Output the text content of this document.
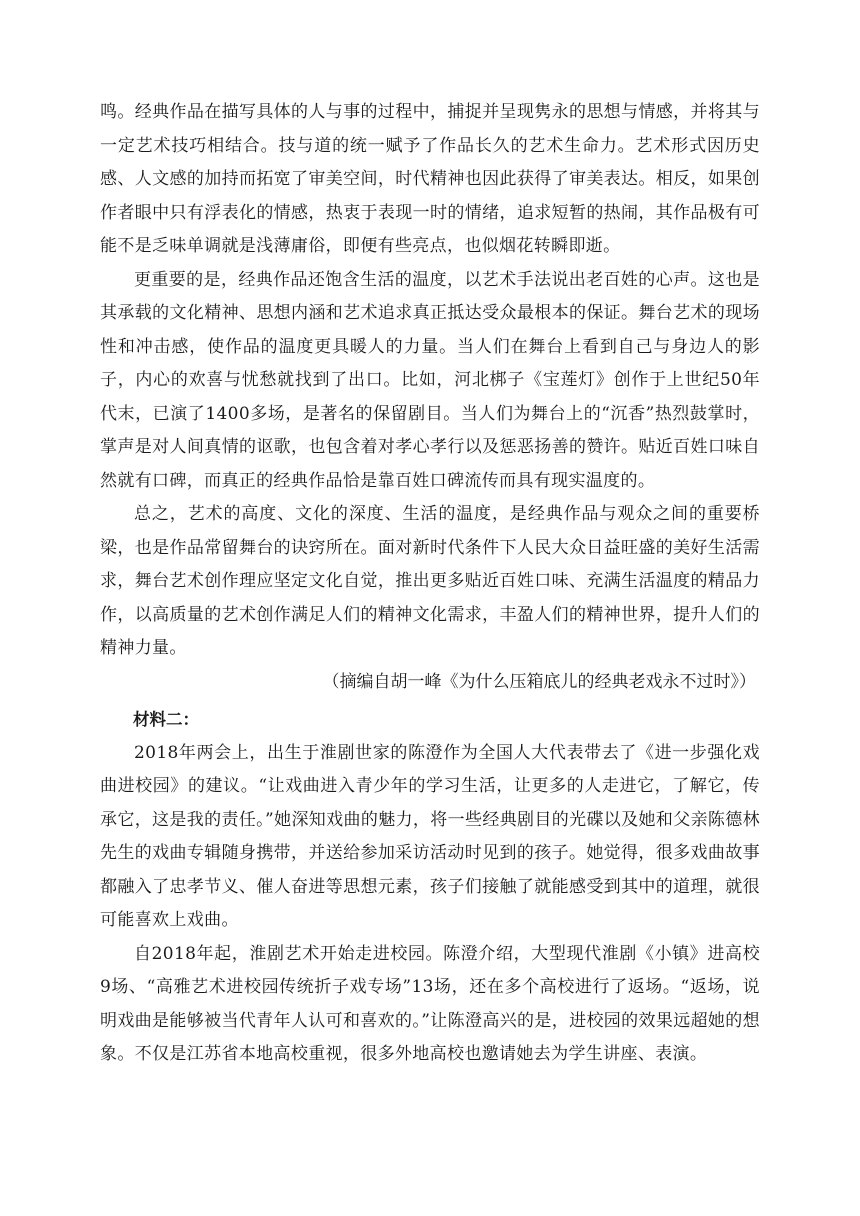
鸣。经典作品在描写具体的人与事的过程中，捕捉并呈现隽永的思想与情感，并将其与一定艺术技巧相结合。技与道的统一赋予了作品长久的艺术生命力。艺术形式因历史感、人文感的加持而拓宽了审美空间，时代精神也因此获得了审美表达。相反，如果创作者眼中只有浮表化的情感，热衷于表现一时的情绪，追求短暂的热闹，其作品极有可能不是乏味单调就是浅薄庸俗，即便有些亮点，也似烟花转瞬即逝。

更重要的是，经典作品还饱含生活的温度，以艺术手法说出老百姓的心声。这也是其承载的文化精神、思想内涵和艺术追求真正抵达受众最根本的保证。舞台艺术的现场性和冲击感，使作品的温度更具暖人的力量。当人们在舞台上看到自己与身边人的影子，内心的欢喜与忧愁就找到了出口。比如，河北梆子《宝莲灯》创作于上世纪50年代末，已演了1400多场，是著名的保留剧目。当人们为舞台上的“沉香”热烈鼓掌时，掌声是对人间真情的讴歌，也包含着对孝心孝行以及惩恶扬善的赞许。贴近百姓口味自然就有口碑，而真正的经典作品恰是靠百姓口碑流传而具有现实温度的。

总之，艺术的高度、文化的深度、生活的温度，是经典作品与观众之间的重要桥梁，也是作品常留舞台的诀窍所在。面对新时代条件下人民大众日益旺盛的美好生活需求，舞台艺术创作理应坚定文化自觉，推出更多贴近百姓口味、充满生活温度的精品力作，以高质量的艺术创作满足人们的精神文化需求，丰盈人们的精神世界，提升人们的精神力量。

（摘编自胡一峰《为什么压箱底儿的经典老戏永不过时》）

材料二：

2018年两会上，出生于淮剧世家的陈澄作为全国人大代表带去了《进一步强化戏曲进校园》的建议。“让戏曲进入青少年的学习生活，让更多的人走进它，了解它，传承它，这是我的责任。”她深知戏曲的魅力，将一些经典剧目的光碟以及她和父亲陈德林先生的戏曲专辑随身携带，并送给参加采访活动时见到的孩子。她觉得，很多戏曲故事都融入了忠孝节义、催人奋进等思想元素，孩子们接触了就能感受到其中的道理，就很可能喜欢上戏曲。

自2018年起，淮剧艺术开始走进校园。陈澄介绍，大型现代淮剧《小镇》进高校9场、“高雅艺术进校园传统折子戏专场”13场，还在多个高校进行了返场。“返场，说明戏曲是能够被当代青年人认可和喜欢的。”让陈澄高兴的是，进校园的效果远超她的想象。不仅是江苏省本地高校重视，很多外地高校也邀请她去为学生讲座、表演。
